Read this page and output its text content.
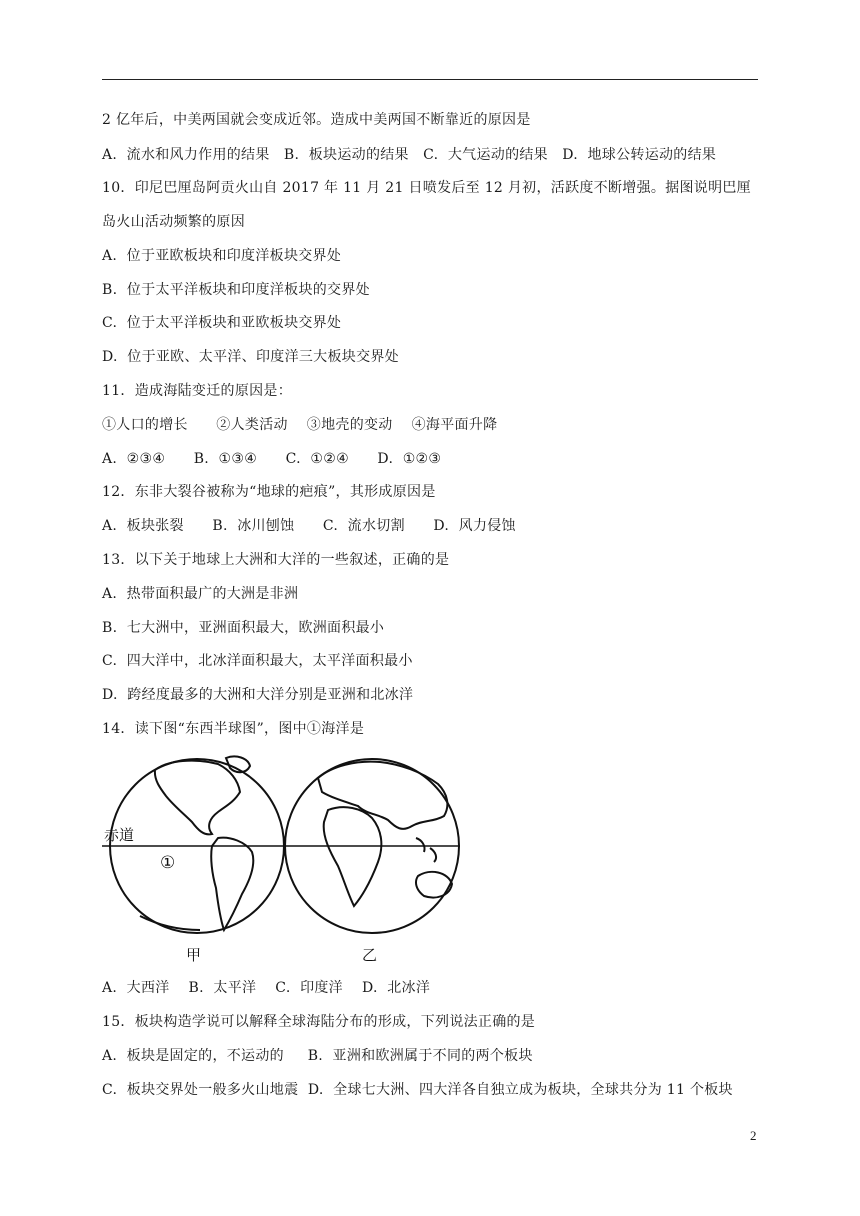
2 亿年后，中美两国就会变成近邻。造成中美两国不断靠近的原因是
A.  流水和风力作用的结果   B.  板块运动的结果   C.  大气运动的结果   D.  地球公转运动的结果
10．印尼巴厘岛阿贡火山自 2017 年 11 月 21 日喷发后至 12 月初，活跃度不断增强。据图说明巴厘
岛火山活动频繁的原因
A.  位于亚欧板块和印度洋板块交界处
B.  位于太平洋板块和印度洋板块的交界处
C.  位于太平洋板块和亚欧板块交界处
D.  位于亚欧、太平洋、印度洋三大板块交界处
11．造成海陆变迁的原因是：
①人口的增长      ②人类活动    ③地壳的变动    ④海平面升降
A.  ②③④      B.  ①③④      C.  ①②④      D.  ①②③
12．东非大裂谷被称为“地球的疤痕”，其形成原因是
A.  板块张裂      B.  冰川刨蚀      C.  流水切割      D.  风力侵蚀
13．以下关于地球上大洲和大洋的一些叙述，正确的是
A.  热带面积最广的大洲是非洲
B.  七大洲中，亚洲面积最大，欧洲面积最小
C.  四大洋中，北冰洋面积最大，太平洋面积最小
D.  跨经度最多的大洲和大洋分别是亚洲和北冰洋
14．读下图“东西半球图”，图中①海洋是
赤道
①
甲	乙
A.  大西洋    B.  太平洋    C.  印度洋    D.  北冰洋
15．板块构造学说可以解释全球海陆分布的形成，下列说法正确的是
A.  板块是固定的，不运动的     B.  亚洲和欧洲属于不同的两个板块
C.  板块交界处一般多火山地震  D.  全球七大洲、四大洋各自独立成为板块，全球共分为 11 个板块
2
